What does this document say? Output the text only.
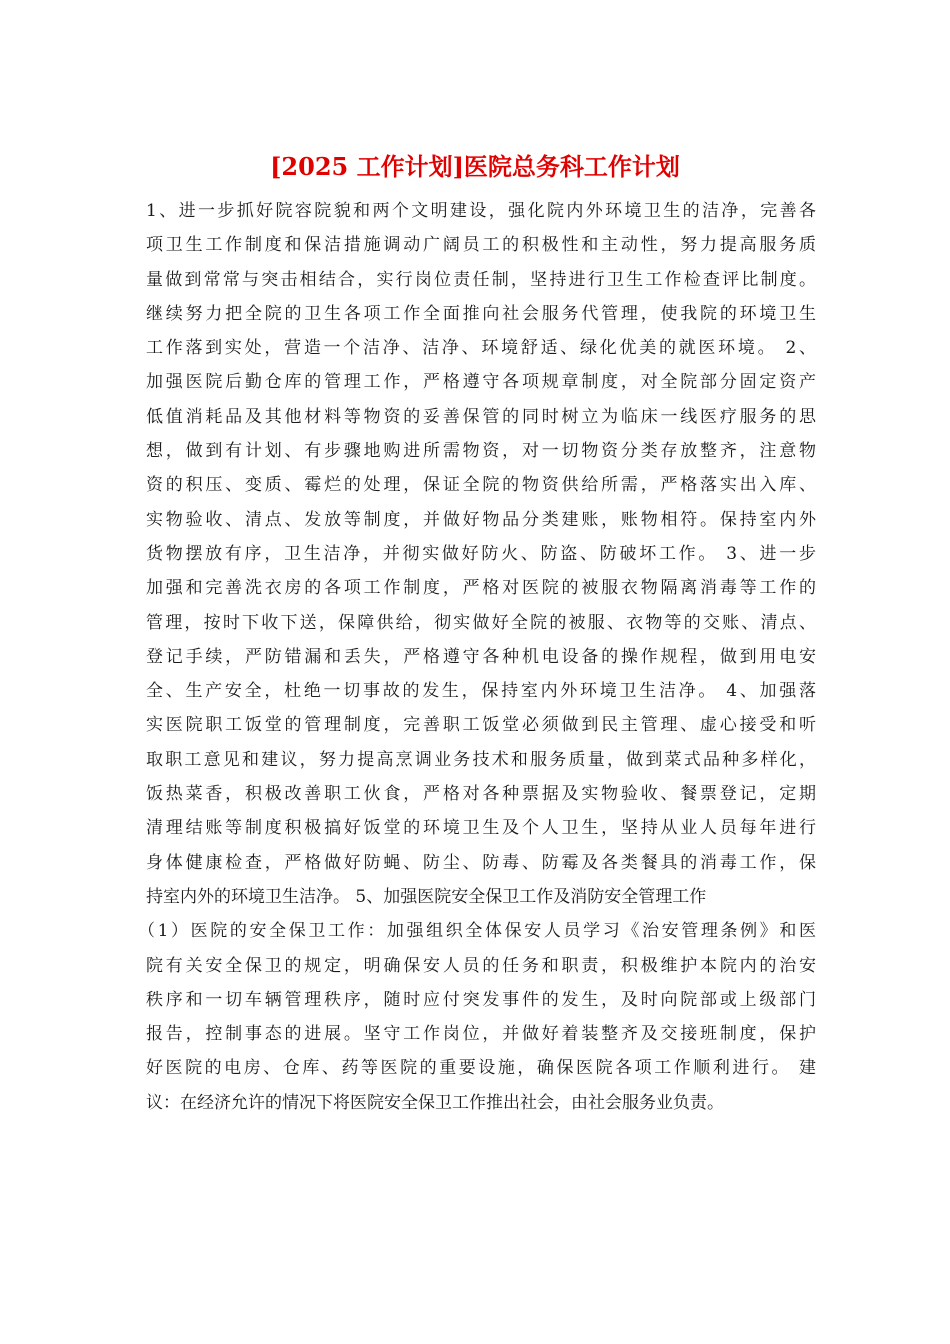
[2025 工作计划]医院总务科工作计划
1、进一步抓好院容院貌和两个文明建设，强化院内外环境卫生的洁净，完善各
项卫生工作制度和保洁措施调动广阔员工的积极性和主动性，努力提高服务质
量做到常常与突击相结合，实行岗位责任制，坚持进行卫生工作检查评比制度。
继续努力把全院的卫生各项工作全面推向社会服务代管理，使我院的环境卫生
工作落到实处，营造一个洁净、洁净、环境舒适、绿化优美的就医环境。 2、
加强医院后勤仓库的管理工作，严格遵守各项规章制度，对全院部分固定资产
低值消耗品及其他材料等物资的妥善保管的同时树立为临床一线医疗服务的思
想，做到有计划、有步骤地购进所需物资，对一切物资分类存放整齐，注意物
资的积压、变质、霉烂的处理，保证全院的物资供给所需，严格落实出入库、
实物验收、清点、发放等制度，并做好物品分类建账，账物相符。保持室内外
货物摆放有序，卫生洁净，并彻实做好防火、防盗、防破坏工作。 3、进一步
加强和完善洗衣房的各项工作制度，严格对医院的被服衣物隔离消毒等工作的
管理，按时下收下送，保障供给，彻实做好全院的被服、衣物等的交账、清点、
登记手续，严防错漏和丢失，严格遵守各种机电设备的操作规程，做到用电安
全、生产安全，杜绝一切事故的发生，保持室内外环境卫生洁净。 4、加强落
实医院职工饭堂的管理制度，完善职工饭堂必须做到民主管理、虚心接受和听
取职工意见和建议，努力提高烹调业务技术和服务质量，做到菜式品种多样化，
饭热菜香，积极改善职工伙食，严格对各种票据及实物验收、餐票登记，定期
清理结账等制度积极搞好饭堂的环境卫生及个人卫生，坚持从业人员每年进行
身体健康检查，严格做好防蝇、防尘、防毒、防霉及各类餐具的消毒工作，保
持室内外的环境卫生洁净。 5、加强医院安全保卫工作及消防安全管理工作
（1）医院的安全保卫工作：加强组织全体保安人员学习《治安管理条例》和医
院有关安全保卫的规定，明确保安人员的任务和职责，积极维护本院内的治安
秩序和一切车辆管理秩序，随时应付突发事件的发生，及时向院部或上级部门
报告，控制事态的进展。坚守工作岗位，并做好着装整齐及交接班制度，保护
好医院的电房、仓库、药等医院的重要设施，确保医院各项工作顺利进行。 建
议：在经济允许的情况下将医院安全保卫工作推出社会，由社会服务业负责。
